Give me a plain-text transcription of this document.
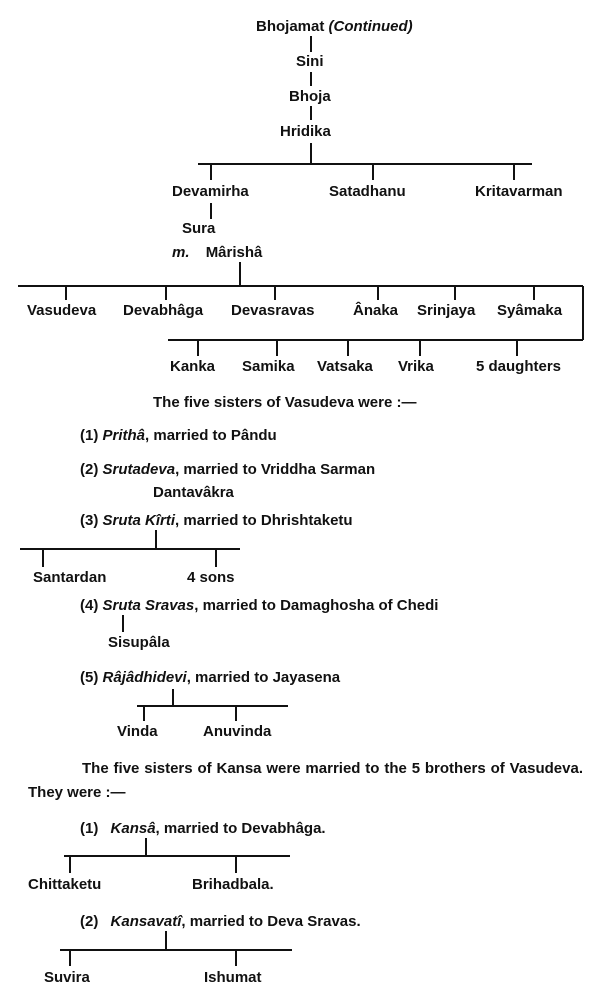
Bhojamat (Continued)
Sini
Bhoja
Hridika
Devamirha	Satadhanu	Kritavarman
Sura
m. Mârishâ
Vasudeva Devabhâga Devasravas	Ânaka Srinjaya Syâmaka
Kanka Samika Vatsaka Vrika	5 daughters
The five sisters of Vasudeva were :—
(1) Prithâ, married to Pându
(2) Srutadeva, married to Vriddha Sarman
Dantavâkra
(3) Sruta Kîrti, married to Dhrishtaketu
Santardan	4 sons
(4) Sruta Sravas, married to Damaghosha of Chedi
Sisupâla
(5) Râjâdhidevi, married to Jayasena
Vinda	Anuvinda
The five sisters of Kansa were married to the 5 brothers of Vasudeva. They were :—
(1) Kansâ, married to Devabhâga.
Chittaketu	Brihadbala.
(2) Kansavatî, married to Deva Sravas.
Suvira	Ishumat
